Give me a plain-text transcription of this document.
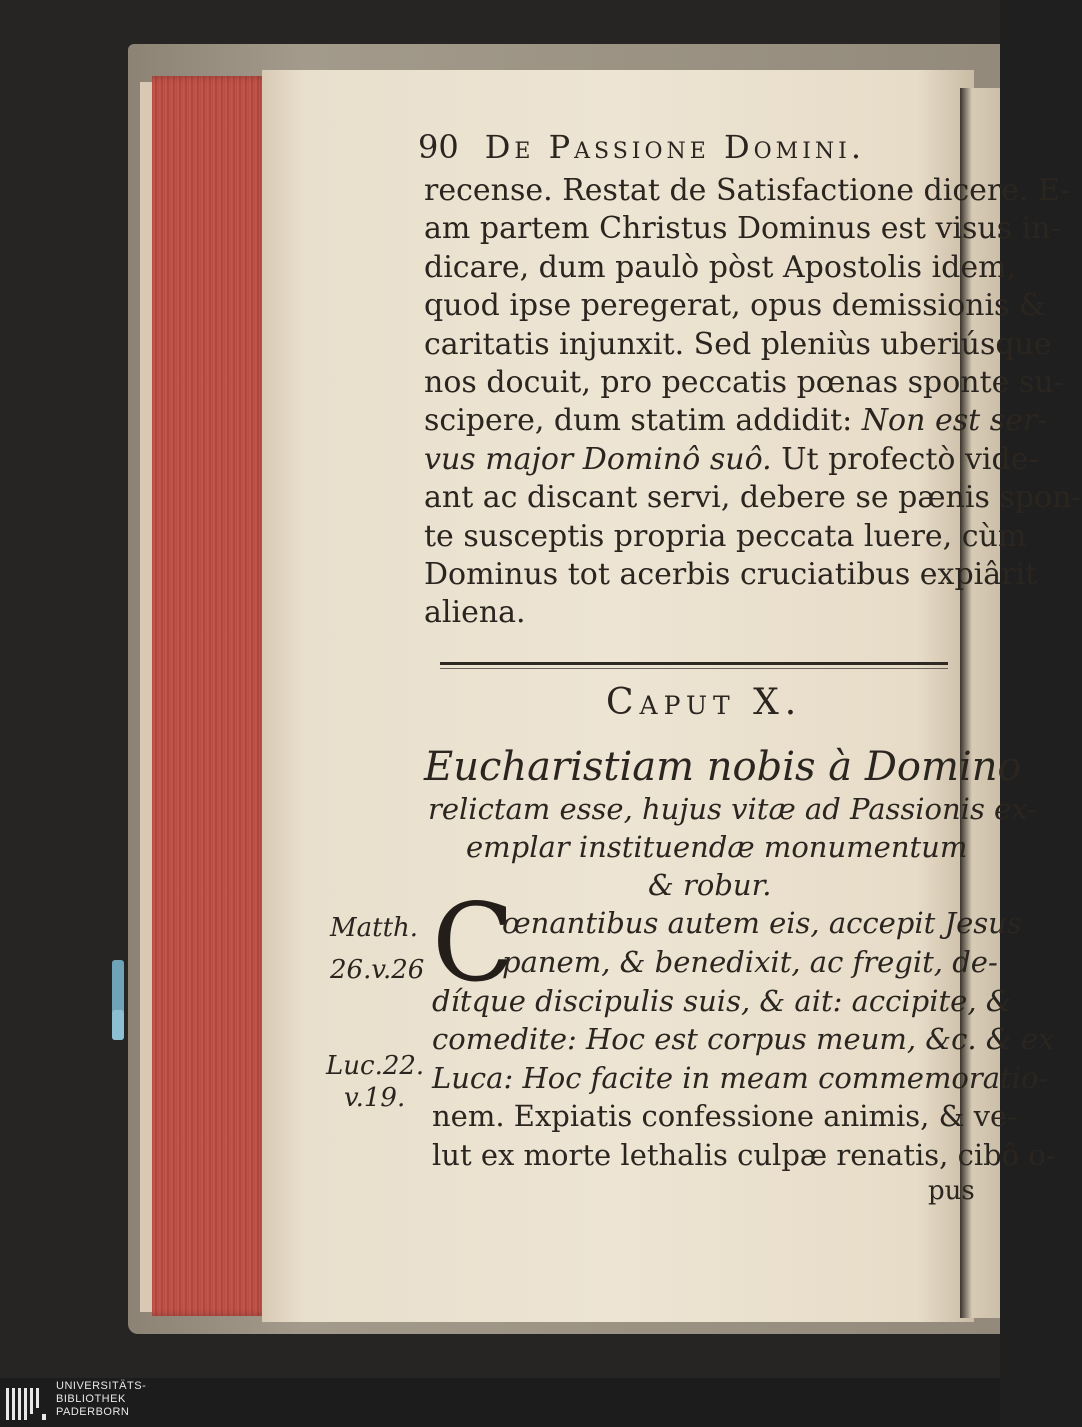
90 De Passione Domini.

recense. Restat de Satisfactione dicere. E-

am partem Christus Dominus est visus in-

dicare, dum paulò pòst Apostolis idem,

quod ipse peregerat, opus demissionis &

caritatis injunxit. Sed pleniùs uberiúsque

nos docuit, pro peccatis pœnas sponte su-

scipere, dum statim addidit: Non est ser-

vus major Dominô suô. Ut profectò vide-

ant ac discant servi, debere se pænis spon-

te susceptis propria peccata luere, cùm

Dominus tot acerbis cruciatibus expiârit

aliena.

Caput X.
Eucharistiam nobis à Domino
relictam esse, hujus vitæ ad Passionis ex-
emplar instituendæ monumentum
& robur.
C
œnantibus autem eis, accepit Jesus
panem, & benedixit, ac fregit, de-
dítque discipulis suis, & ait: accipite, &
comedite: Hoc est corpus meum, &c. & ex
Luca: Hoc facite in meam commemoratio-
nem. Expiatis confessione animis, & ve-
lut ex morte lethalis culpæ renatis, cibô o-
pus
Matth.
26.v.26
Luc.22.
v.19.
UNIVERSITÄTS-
BIBLIOTHEK
PADERBORN
